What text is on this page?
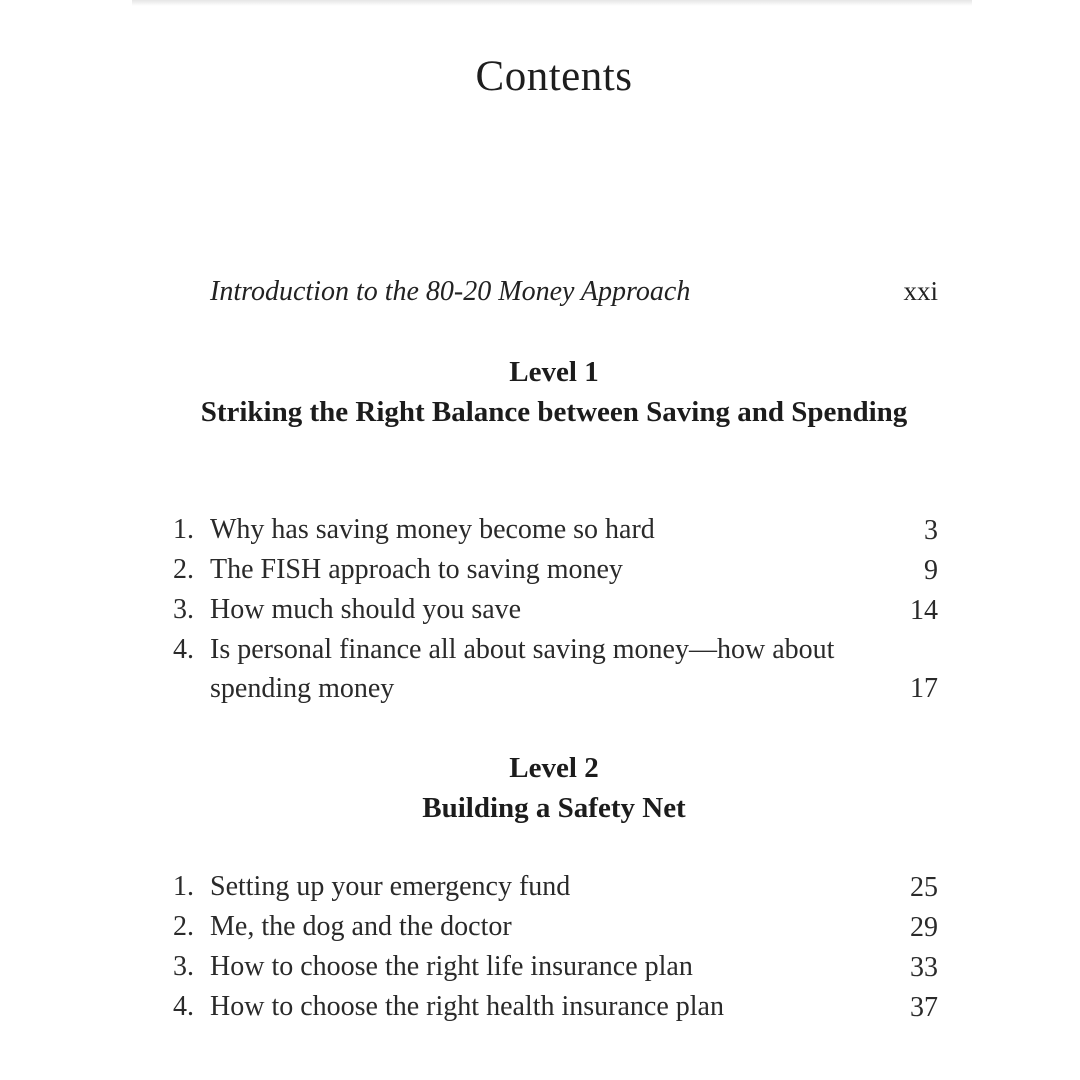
Contents
Introduction to the 80-20 Money Approach	xxi
Level 1
Striking the Right Balance between Saving and Spending
1. Why has saving money become so hard	3
2. The FISH approach to saving money	9
3. How much should you save	14
4. Is personal finance all about saving money—how about spending money	17
Level 2
Building a Safety Net
1. Setting up your emergency fund	25
2. Me, the dog and the doctor	29
3. How to choose the right life insurance plan	33
4. How to choose the right health insurance plan	37
